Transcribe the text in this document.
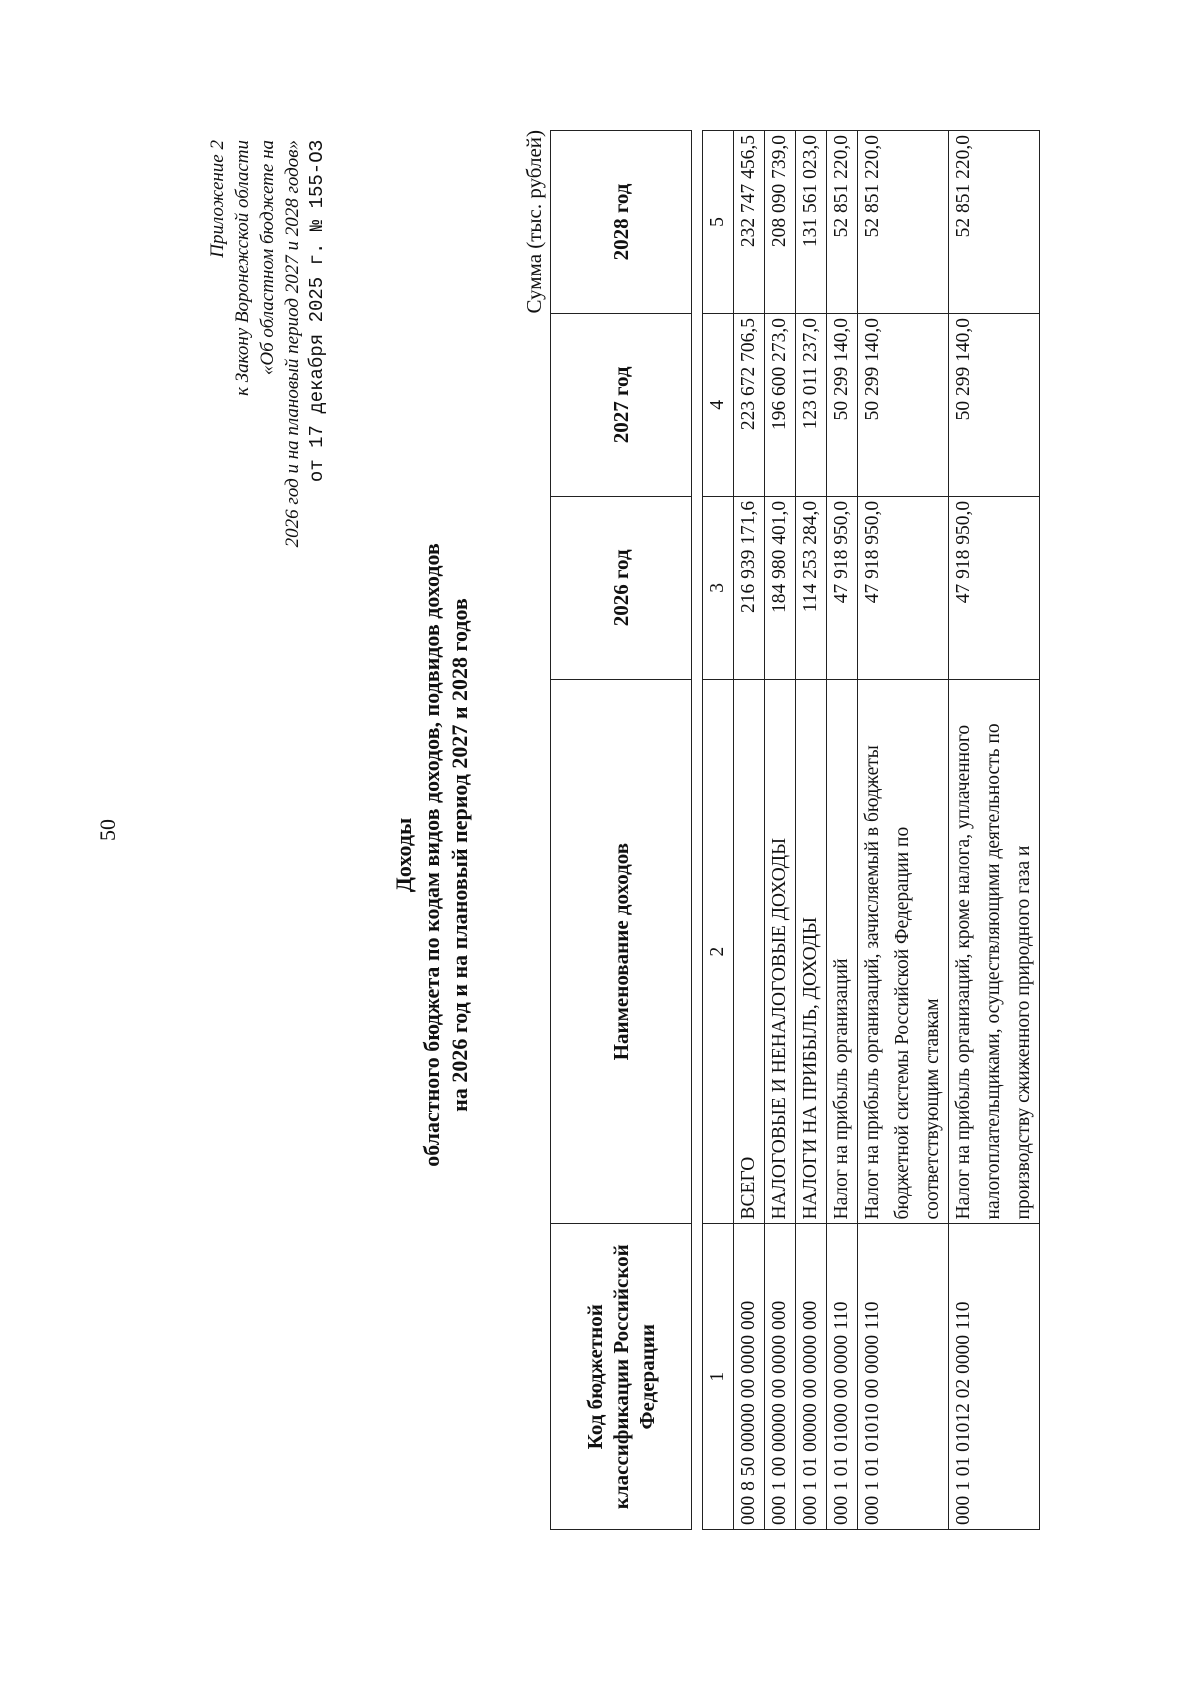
50
Приложение 2 к Закону Воронежской области «Об областном бюджете на 2026 год и на плановый период 2027 и 2028 годов» от 17 декабря 2025 г. № 155-ОЗ
Доходы областного бюджета по кодам видов доходов, подвидов доходов на 2026 год и на плановый период 2027 и 2028 годов
Сумма (тыс. рублей)
Код бюджетной классификации Российской Федерации	Наименование доходов	2026 год	2027 год	2028 год
1	2	3	4	5
000 8 50 00000 00 0000 000	ВСЕГО	216 939 171,6	223 672 706,5	232 747 456,5
000 1 00 00000 00 0000 000	НАЛОГОВЫЕ И НЕНАЛОГОВЫЕ ДОХОДЫ	184 980 401,0	196 600 273,0	208 090 739,0
000 1 01 00000 00 0000 000	НАЛОГИ НА ПРИБЫЛЬ, ДОХОДЫ	114 253 284,0	123 011 237,0	131 561 023,0
000 1 01 01000 00 0000 110	Налог на прибыль организаций	47 918 950,0	50 299 140,0	52 851 220,0
000 1 01 01010 00 0000 110	Налог на прибыль организаций, зачисляемый в бюджеты бюджетной системы Российской Федерации по соответствующим ставкам	47 918 950,0	50 299 140,0	52 851 220,0
000 1 01 01012 02 0000 110	Налог на прибыль организаций, кроме налога, уплаченного налогоплательщиками, осуществляющими деятельность по производству сжиженного природного газа и	47 918 950,0	50 299 140,0	52 851 220,0
